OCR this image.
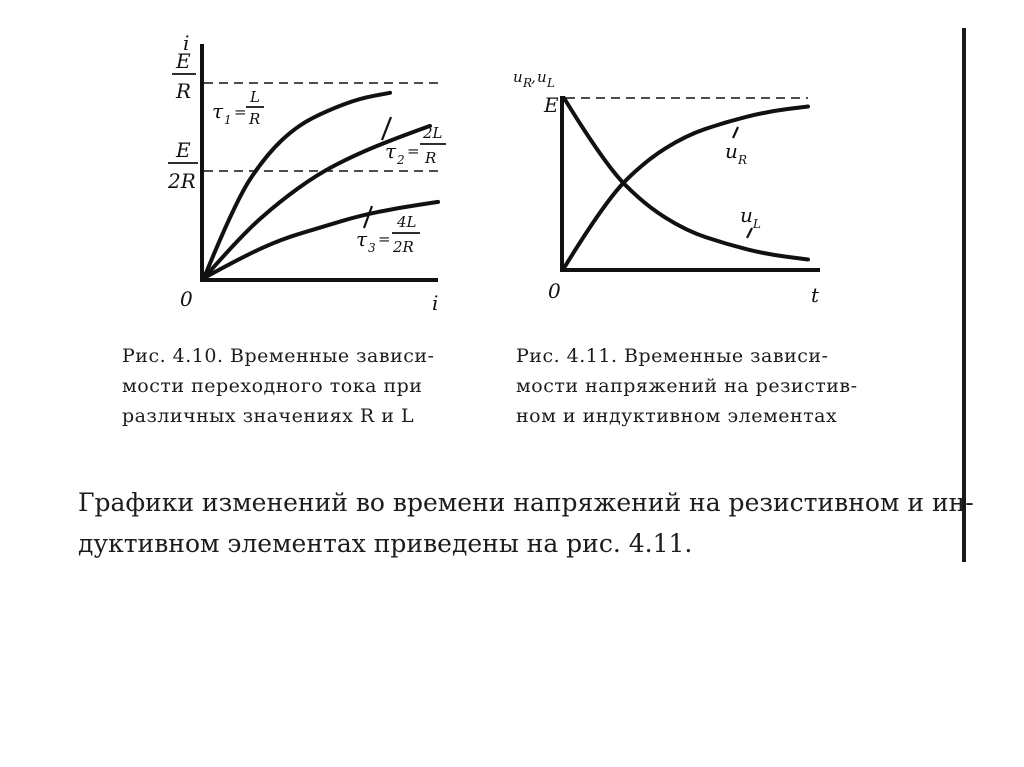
i
i
0
E
R
E
2R
τ 1 =
L
R
τ 2 =
2L
R
τ 3 =
4L
2R
u R
, u L
E
0	t
u R
u L
Рис. 4.10. Временные зависи-
мости переходного тока при
различных значениях R и L
Рис. 4.11. Временные зависи-
мости напряжений на резистив-
ном и индуктивном элементах
Графики изменений во времени напряжений на резистивном и ин-
дуктивном элементах приведены на рис. 4.11.
